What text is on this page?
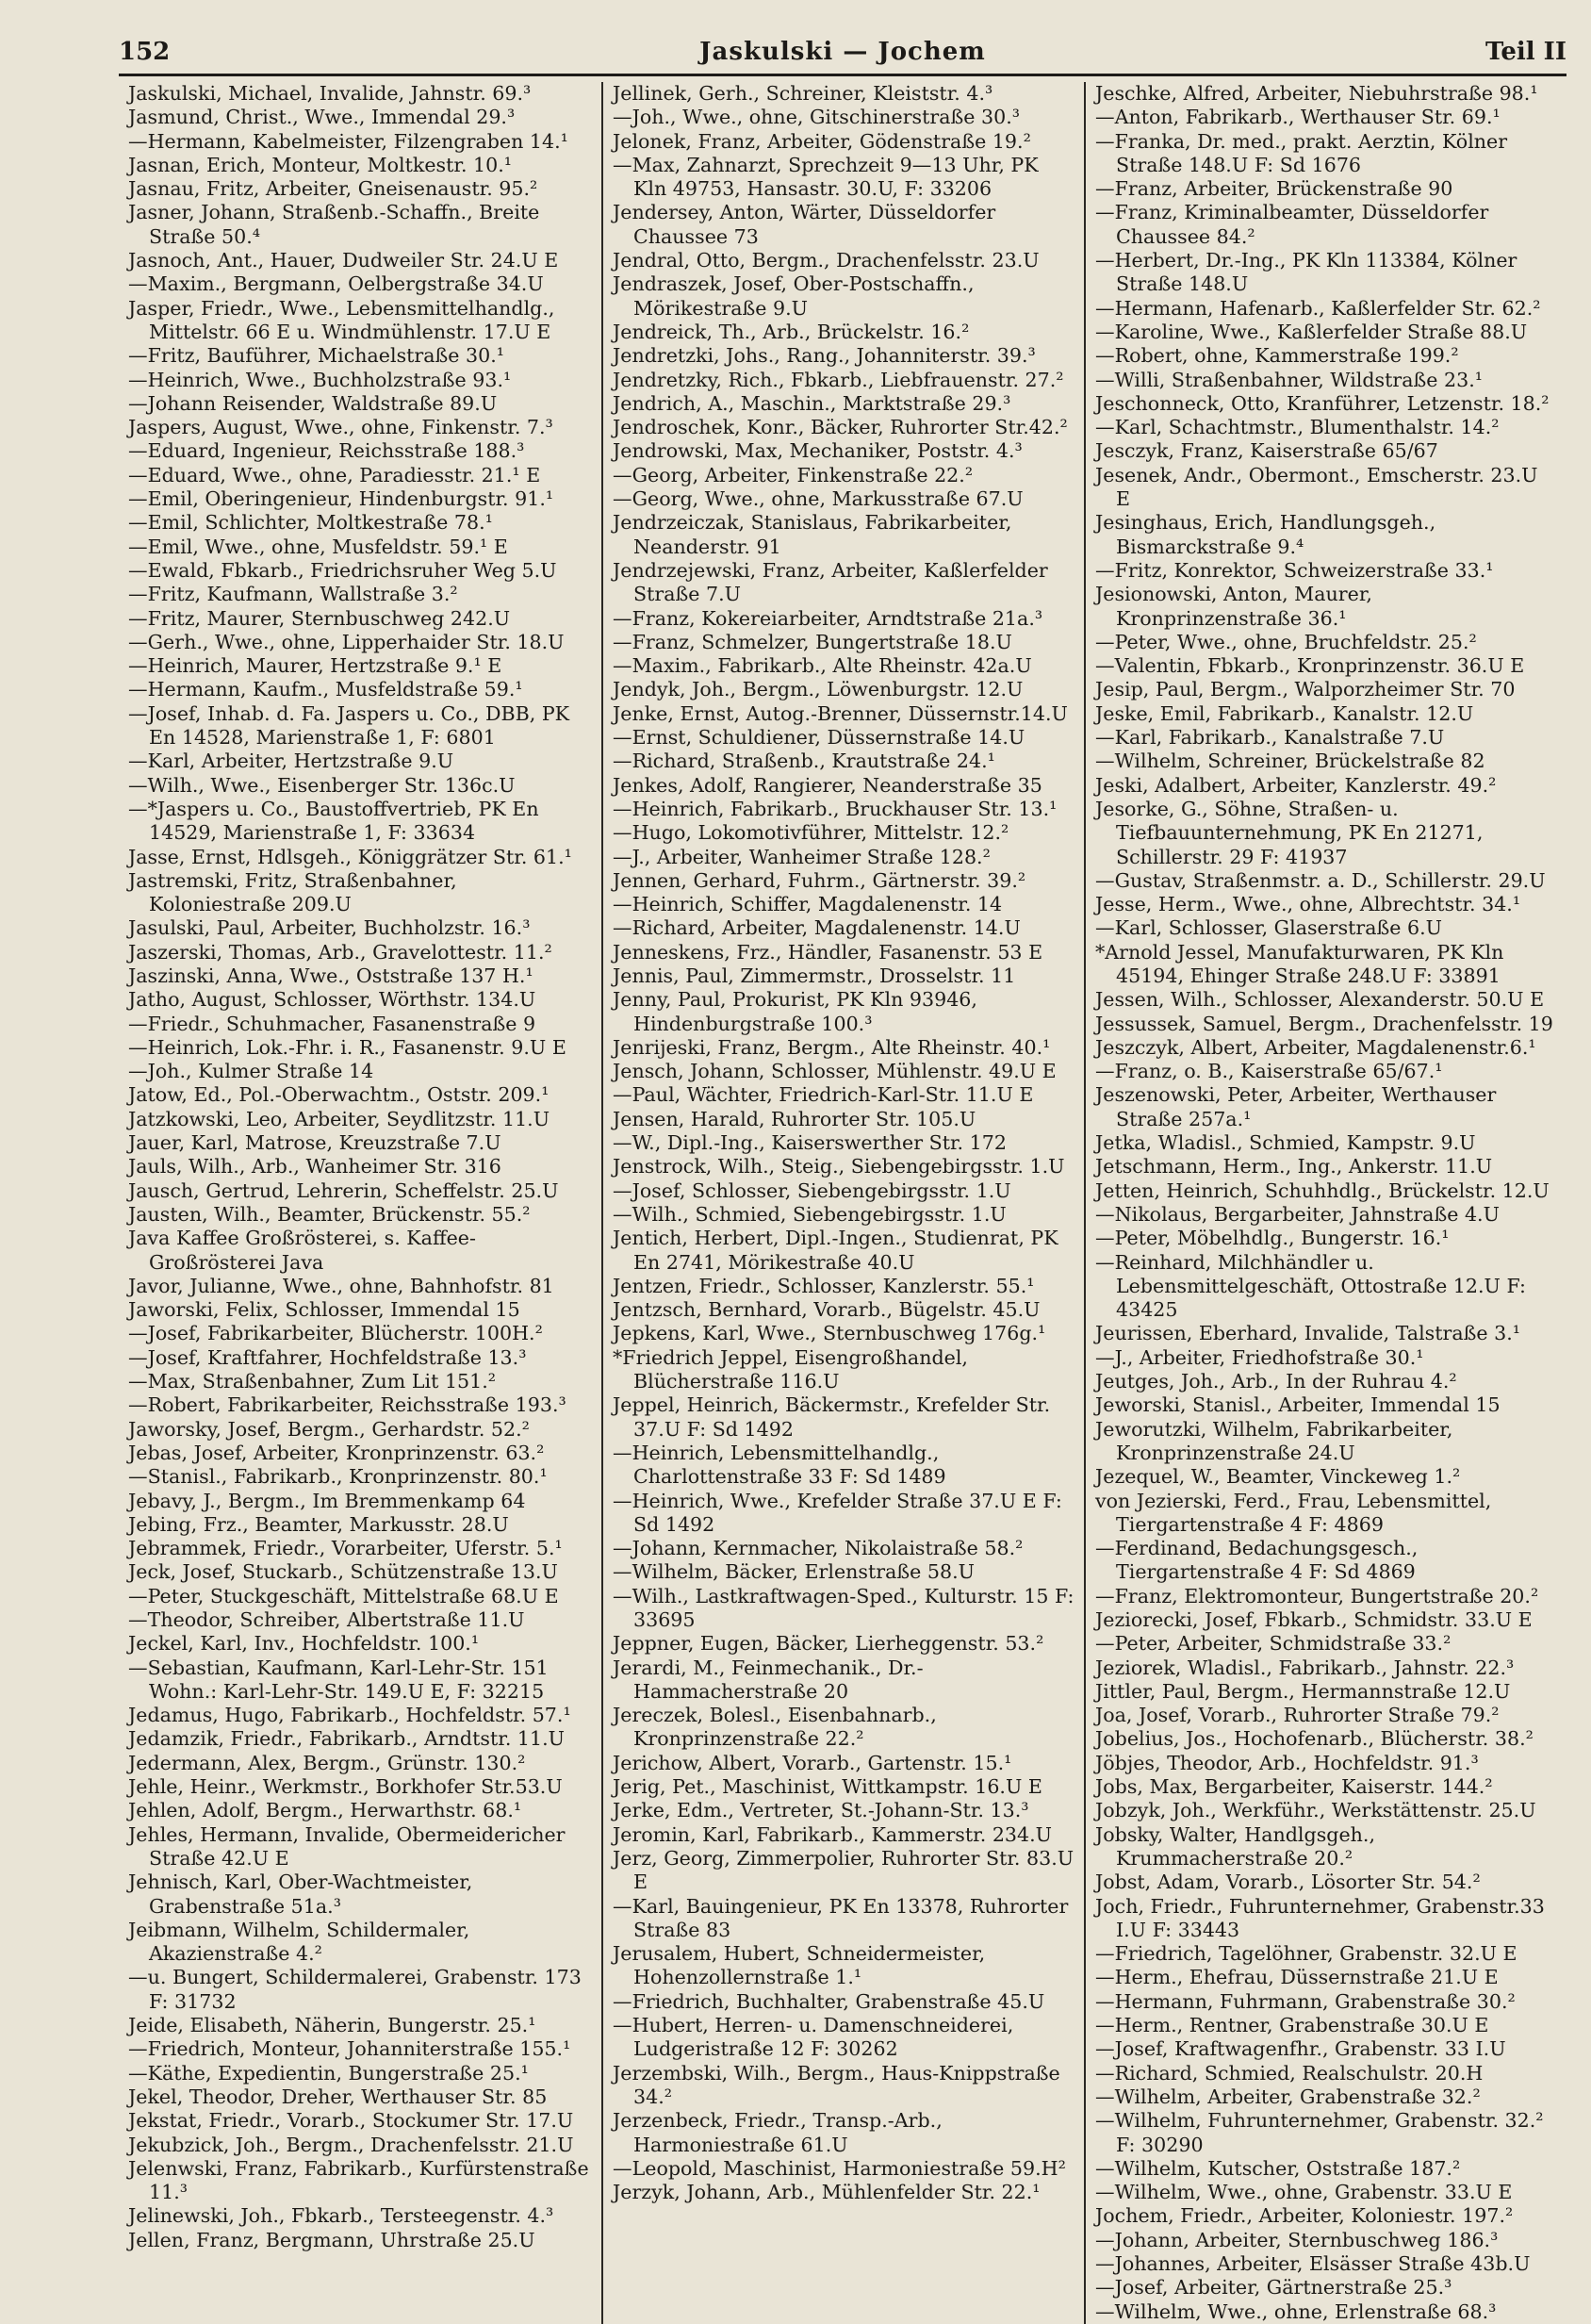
152	Jaskulski — Jochem	Teil II
Jaskulski, Michael, Invalide, Jahnstr. 69.³
Jasmund, Christ., Wwe., Immendal 29.³
—Hermann, Kabelmeister, Filzengraben 14.¹
Jasnan, Erich, Monteur, Moltkestr. 10.¹
Jasnau, Fritz, Arbeiter, Gneisenaustr. 95.²
Jasner, Johann, Straßenb.-Schaffn., Breite Straße 50.⁴
Jasnoch, Ant., Hauer, Dudweiler Str. 24.U E
—Maxim., Bergmann, Oelbergstraße 34.U
Jasper, Friedr., Wwe., Lebensmittelhandlg., Mittelstr. 66 E u. Windmühlenstr. 17.U E
—Fritz, Bauführer, Michaelstraße 30.¹
—Heinrich, Wwe., Buchholzstraße 93.¹
—Johann Reisender, Waldstraße 89.U
Jaspers, August, Wwe., ohne, Finkenstr. 7.³
—Eduard, Ingenieur, Reichsstraße 188.³
—Eduard, Wwe., ohne, Paradiesstr. 21.¹ E
—Emil, Oberingenieur, Hindenburgstr. 91.¹
—Emil, Schlichter, Moltkestraße 78.¹
—Emil, Wwe., ohne, Musfeldstr. 59.¹ E
—Ewald, Fbkarb., Friedrichsruher Weg 5.U
—Fritz, Kaufmann, Wallstraße 3.²
—Fritz, Maurer, Sternbuschweg 242.U
—Gerh., Wwe., ohne, Lipperhaider Str. 18.U
—Heinrich, Maurer, Hertzstraße 9.¹ E
—Hermann, Kaufm., Musfeldstraße 59.¹
—Josef, Inhab. d. Fa. Jaspers u. Co., DBB, PK En 14528, Marienstraße 1, F: 6801
—Karl, Arbeiter, Hertzstraße 9.U
—Wilh., Wwe., Eisenberger Str. 136c.U
—*Jaspers u. Co., Baustoffvertrieb, PK En 14529, Marienstraße 1, F: 33634
Jasse, Ernst, Hdlsgeh., Königgrätzer Str. 61.¹
Jastremski, Fritz, Straßenbahner, Koloniestraße 209.U
Jasulski, Paul, Arbeiter, Buchholzstr. 16.³
Jaszerski, Thomas, Arb., Gravelottestr. 11.²
Jaszinski, Anna, Wwe., Oststraße 137 H.¹
Jatho, August, Schlosser, Wörthstr. 134.U
—Friedr., Schuhmacher, Fasanenstraße 9
—Heinrich, Lok.-Fhr. i. R., Fasanenstr. 9.U E
—Joh., Kulmer Straße 14
Jatow, Ed., Pol.-Oberwachtm., Oststr. 209.¹
Jatzkowski, Leo, Arbeiter, Seydlitzstr. 11.U
Jauer, Karl, Matrose, Kreuzstraße 7.U
Jauls, Wilh., Arb., Wanheimer Str. 316
Jausch, Gertrud, Lehrerin, Scheffelstr. 25.U
Jausten, Wilh., Beamter, Brückenstr. 55.²
Java Kaffee Großrösterei, s. Kaffee-Großrösterei Java
Javor, Julianne, Wwe., ohne, Bahnhofstr. 81
Jaworski, Felix, Schlosser, Immendal 15
—Josef, Fabrikarbeiter, Blücherstr. 100H.²
—Josef, Kraftfahrer, Hochfeldstraße 13.³
—Max, Straßenbahner, Zum Lit 151.²
—Robert, Fabrikarbeiter, Reichsstraße 193.³
Jaworsky, Josef, Bergm., Gerhardstr. 52.²
Jebas, Josef, Arbeiter, Kronprinzenstr. 63.²
—Stanisl., Fabrikarb., Kronprinzenstr. 80.¹
Jebavy, J., Bergm., Im Bremmenkamp 64
Jebing, Frz., Beamter, Markusstr. 28.U
Jebrammek, Friedr., Vorarbeiter, Uferstr. 5.¹
Jeck, Josef, Stuckarb., Schützenstraße 13.U
—Peter, Stuckgeschäft, Mittelstraße 68.U E
—Theodor, Schreiber, Albertstraße 11.U
Jeckel, Karl, Inv., Hochfeldstr. 100.¹
—Sebastian, Kaufmann, Karl-Lehr-Str. 151 Wohn.: Karl-Lehr-Str. 149.U E, F: 32215
Jedamus, Hugo, Fabrikarb., Hochfeldstr. 57.¹
Jedamzik, Friedr., Fabrikarb., Arndtstr. 11.U
Jedermann, Alex, Bergm., Grünstr. 130.²
Jehle, Heinr., Werkmstr., Borkhofer Str.53.U
Jehlen, Adolf, Bergm., Herwarthstr. 68.¹
Jehles, Hermann, Invalide, Obermeidericher Straße 42.U E
Jehnisch, Karl, Ober-Wachtmeister, Grabenstraße 51a.³
Jeibmann, Wilhelm, Schildermaler, Akazienstraße 4.²
—u. Bungert, Schildermalerei, Grabenstr. 173 F: 31732
Jeide, Elisabeth, Näherin, Bungerstr. 25.¹
—Friedrich, Monteur, Johanniterstraße 155.¹
—Käthe, Expedientin, Bungerstraße 25.¹
Jekel, Theodor, Dreher, Werthauser Str. 85
Jekstat, Friedr., Vorarb., Stockumer Str. 17.U
Jekubzick, Joh., Bergm., Drachenfelsstr. 21.U
Jelenwski, Franz, Fabrikarb., Kurfürstenstraße 11.³
Jelinewski, Joh., Fbkarb., Tersteegenstr. 4.³
Jellen, Franz, Bergmann, Uhrstraße 25.U
Jellinek, Gerh., Schreiner, Kleiststr. 4.³
—Joh., Wwe., ohne, Gitschinerstraße 30.³
Jelonek, Franz, Arbeiter, Gödenstraße 19.²
—Max, Zahnarzt, Sprechzeit 9—13 Uhr, PK Kln 49753, Hansastr. 30.U, F: 33206
Jendersey, Anton, Wärter, Düsseldorfer Chaussee 73
Jendral, Otto, Bergm., Drachenfelsstr. 23.U
Jendraszek, Josef, Ober-Postschaffn., Mörikestraße 9.U
Jendreick, Th., Arb., Brückelstr. 16.²
Jendretzki, Johs., Rang., Johanniterstr. 39.³
Jendretzky, Rich., Fbkarb., Liebfrauenstr. 27.²
Jendrich, A., Maschin., Marktstraße 29.³
Jendroschek, Konr., Bäcker, Ruhrorter Str.42.²
Jendrowski, Max, Mechaniker, Poststr. 4.³
—Georg, Arbeiter, Finkenstraße 22.²
—Georg, Wwe., ohne, Markusstraße 67.U
Jendrzeiczak, Stanislaus, Fabrikarbeiter, Neanderstr. 91
Jendrzejewski, Franz, Arbeiter, Kaßlerfelder Straße 7.U
—Franz, Kokereiarbeiter, Arndtstraße 21a.³
—Franz, Schmelzer, Bungertstraße 18.U
—Maxim., Fabrikarb., Alte Rheinstr. 42a.U
Jendyk, Joh., Bergm., Löwenburgstr. 12.U
Jenke, Ernst, Autog.-Brenner, Düssernstr.14.U
—Ernst, Schuldiener, Düssernstraße 14.U
—Richard, Straßenb., Krautstraße 24.¹
Jenkes, Adolf, Rangierer, Neanderstraße 35
—Heinrich, Fabrikarb., Bruckhauser Str. 13.¹
—Hugo, Lokomotivführer, Mittelstr. 12.²
—J., Arbeiter, Wanheimer Straße 128.²
Jennen, Gerhard, Fuhrm., Gärtnerstr. 39.²
—Heinrich, Schiffer, Magdalenenstr. 14
—Richard, Arbeiter, Magdalenenstr. 14.U
Jenneskens, Frz., Händler, Fasanenstr. 53 E
Jennis, Paul, Zimmermstr., Drosselstr. 11
Jenny, Paul, Prokurist, PK Kln 93946, Hindenburgstraße 100.³
Jenrijeski, Franz, Bergm., Alte Rheinstr. 40.¹
Jensch, Johann, Schlosser, Mühlenstr. 49.U E
—Paul, Wächter, Friedrich-Karl-Str. 11.U E
Jensen, Harald, Ruhrorter Str. 105.U
—W., Dipl.-Ing., Kaiserswerther Str. 172
Jenstrock, Wilh., Steig., Siebengebirgsstr. 1.U
—Josef, Schlosser, Siebengebirgsstr. 1.U
—Wilh., Schmied, Siebengebirgsstr. 1.U
Jentich, Herbert, Dipl.-Ingen., Studienrat, PK En 2741, Mörikestraße 40.U
Jentzen, Friedr., Schlosser, Kanzlerstr. 55.¹
Jentzsch, Bernhard, Vorarb., Bügelstr. 45.U
Jepkens, Karl, Wwe., Sternbuschweg 176g.¹
*Friedrich Jeppel, Eisengroßhandel, Blücherstraße 116.U
Jeppel, Heinrich, Bäckermstr., Krefelder Str. 37.U F: Sd 1492
—Heinrich, Lebensmittelhandlg., Charlottenstraße 33 F: Sd 1489
—Heinrich, Wwe., Krefelder Straße 37.U E F: Sd 1492
—Johann, Kernmacher, Nikolaistraße 58.²
—Wilhelm, Bäcker, Erlenstraße 58.U
—Wilh., Lastkraftwagen-Sped., Kulturstr. 15 F: 33695
Jeppner, Eugen, Bäcker, Lierheggenstr. 53.²
Jerardi, M., Feinmechanik., Dr.-Hammacherstraße 20
Jereczek, Bolesl., Eisenbahnarb., Kronprinzenstraße 22.²
Jerichow, Albert, Vorarb., Gartenstr. 15.¹
Jerig, Pet., Maschinist, Wittkampstr. 16.U E
Jerke, Edm., Vertreter, St.-Johann-Str. 13.³
Jeromin, Karl, Fabrikarb., Kammerstr. 234.U
Jerz, Georg, Zimmerpolier, Ruhrorter Str. 83.U E
—Karl, Bauingenieur, PK En 13378, Ruhrorter Straße 83
Jerusalem, Hubert, Schneidermeister, Hohenzollernstraße 1.¹
—Friedrich, Buchhalter, Grabenstraße 45.U
—Hubert, Herren- u. Damenschneiderei, Ludgeristraße 12 F: 30262
Jerzembski, Wilh., Bergm., Haus-Knippstraße 34.²
Jerzenbeck, Friedr., Transp.-Arb., Harmoniestraße 61.U
—Leopold, Maschinist, Harmoniestraße 59.H²
Jerzyk, Johann, Arb., Mühlenfelder Str. 22.¹
Jeschke, Alfred, Arbeiter, Niebuhrstraße 98.¹
—Anton, Fabrikarb., Werthauser Str. 69.¹
—Franka, Dr. med., prakt. Aerztin, Kölner Straße 148.U F: Sd 1676
—Franz, Arbeiter, Brückenstraße 90
—Franz, Kriminalbeamter, Düsseldorfer Chaussee 84.²
—Herbert, Dr.-Ing., PK Kln 113384, Kölner Straße 148.U
—Hermann, Hafenarb., Kaßlerfelder Str. 62.²
—Karoline, Wwe., Kaßlerfelder Straße 88.U
—Robert, ohne, Kammerstraße 199.²
—Willi, Straßenbahner, Wildstraße 23.¹
Jeschonneck, Otto, Kranführer, Letzenstr. 18.²
—Karl, Schachtmstr., Blumenthalstr. 14.²
Jesczyk, Franz, Kaiserstraße 65/67
Jesenek, Andr., Obermont., Emscherstr. 23.U E
Jesinghaus, Erich, Handlungsgeh., Bismarckstraße 9.⁴
—Fritz, Konrektor, Schweizerstraße 33.¹
Jesionowski, Anton, Maurer, Kronprinzenstraße 36.¹
—Peter, Wwe., ohne, Bruchfeldstr. 25.²
—Valentin, Fbkarb., Kronprinzenstr. 36.U E
Jesip, Paul, Bergm., Walporzheimer Str. 70
Jeske, Emil, Fabrikarb., Kanalstr. 12.U
—Karl, Fabrikarb., Kanalstraße 7.U
—Wilhelm, Schreiner, Brückelstraße 82
Jeski, Adalbert, Arbeiter, Kanzlerstr. 49.²
Jesorke, G., Söhne, Straßen- u. Tiefbauunternehmung, PK En 21271, Schillerstr. 29 F: 41937
—Gustav, Straßenmstr. a. D., Schillerstr. 29.U
Jesse, Herm., Wwe., ohne, Albrechtstr. 34.¹
—Karl, Schlosser, Glaserstraße 6.U
*Arnold Jessel, Manufakturwaren, PK Kln 45194, Ehinger Straße 248.U F: 33891
Jessen, Wilh., Schlosser, Alexanderstr. 50.U E
Jessussek, Samuel, Bergm., Drachenfelsstr. 19
Jeszczyk, Albert, Arbeiter, Magdalenenstr.6.¹
—Franz, o. B., Kaiserstraße 65/67.¹
Jeszenowski, Peter, Arbeiter, Werthauser Straße 257a.¹
Jetka, Wladisl., Schmied, Kampstr. 9.U
Jetschmann, Herm., Ing., Ankerstr. 11.U
Jetten, Heinrich, Schuhhdlg., Brückelstr. 12.U
—Nikolaus, Bergarbeiter, Jahnstraße 4.U
—Peter, Möbelhdlg., Bungerstr. 16.¹
—Reinhard, Milchhändler u. Lebensmittelgeschäft, Ottostraße 12.U F: 43425
Jeurissen, Eberhard, Invalide, Talstraße 3.¹
—J., Arbeiter, Friedhofstraße 30.¹
Jeutges, Joh., Arb., In der Ruhrau 4.²
Jeworski, Stanisl., Arbeiter, Immendal 15
Jeworutzki, Wilhelm, Fabrikarbeiter, Kronprinzenstraße 24.U
Jezequel, W., Beamter, Vinckeweg 1.²
von Jezierski, Ferd., Frau, Lebensmittel, Tiergartenstraße 4 F: 4869
—Ferdinand, Bedachungsgesch., Tiergartenstraße 4 F: Sd 4869
—Franz, Elektromonteur, Bungertstraße 20.²
Jeziorecki, Josef, Fbkarb., Schmidstr. 33.U E
—Peter, Arbeiter, Schmidstraße 33.²
Jeziorek, Wladisl., Fabrikarb., Jahnstr. 22.³
Jittler, Paul, Bergm., Hermannstraße 12.U
Joa, Josef, Vorarb., Ruhrorter Straße 79.²
Jobelius, Jos., Hochofenarb., Blücherstr. 38.²
Jöbjes, Theodor, Arb., Hochfeldstr. 91.³
Jobs, Max, Bergarbeiter, Kaiserstr. 144.²
Jobzyk, Joh., Werkführ., Werkstättenstr. 25.U
Jobsky, Walter, Handlgsgeh., Krummacherstraße 20.²
Jobst, Adam, Vorarb., Lösorter Str. 54.²
Joch, Friedr., Fuhrunternehmer, Grabenstr.33 I.U F: 33443
—Friedrich, Tagelöhner, Grabenstr. 32.U E
—Herm., Ehefrau, Düssernstraße 21.U E
—Hermann, Fuhrmann, Grabenstraße 30.²
—Herm., Rentner, Grabenstraße 30.U E
—Josef, Kraftwagenfhr., Grabenstr. 33 I.U
—Richard, Schmied, Realschulstr. 20.H
—Wilhelm, Arbeiter, Grabenstraße 32.²
—Wilhelm, Fuhrunternehmer, Grabenstr. 32.² F: 30290
—Wilhelm, Kutscher, Oststraße 187.²
—Wilhelm, Wwe., ohne, Grabenstr. 33.U E
Jochem, Friedr., Arbeiter, Koloniestr. 197.²
—Johann, Arbeiter, Sternbuschweg 186.³
—Johannes, Arbeiter, Elsässer Straße 43b.U
—Josef, Arbeiter, Gärtnerstraße 25.³
—Wilhelm, Wwe., ohne, Erlenstraße 68.³
